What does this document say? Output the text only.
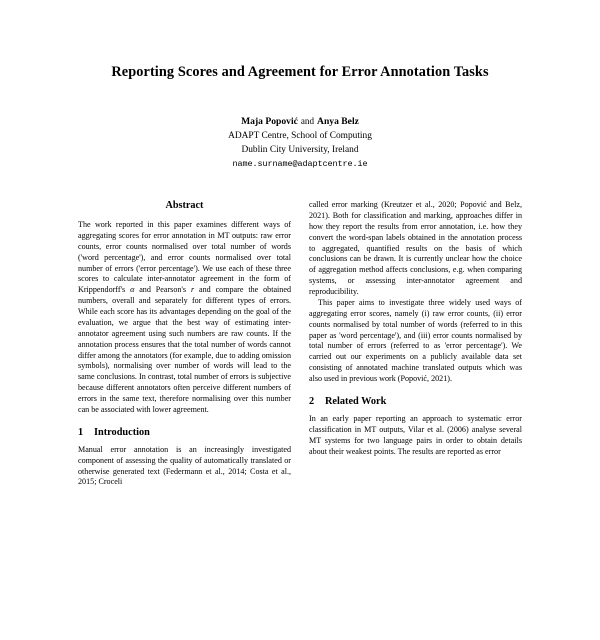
Reporting Scores and Agreement for Error Annotation Tasks
Maja Popović and Anya Belz
ADAPT Centre, School of Computing
Dublin City University, Ireland
name.surname@adaptcentre.ie
Abstract

The work reported in this paper examines different ways of aggregating scores for error annotation in MT outputs: raw error counts, error counts normalised over total number of words ('word percentage'), and error counts normalised over total number of errors ('error percentage'). We use each of these three scores to calculate inter-annotator agreement in the form of Krippendorff's α and Pearson's r and compare the obtained numbers, overall and separately for different types of errors. While each score has its advantages depending on the goal of the evaluation, we argue that the best way of estimating inter-annotator agreement using such numbers are raw counts. If the annotation process ensures that the total number of words cannot differ among the annotators (for example, due to adding omission symbols), normalising over number of words will lead to the same conclusions. In contrast, total number of errors is subjective because different annotators often perceive different numbers of errors in the same text, therefore normalising over this number can be associated with lower agreement.

1	Introduction

Manual error annotation is an increasingly investigated component of assessing the quality of automatically translated or otherwise generated text (Federmann et al., 2014; Costa et al., 2015; Croceli

called error marking (Kreutzer et al., 2020; Popović and Belz, 2021). Both for classification and marking, approaches differ in how they report the results from error annotation, i.e. how they convert the word-span labels obtained in the annotation process to aggregated, quantified results on the basis of which conclusions can be drawn. It is currently unclear how the choice of aggregation method affects conclusions, e.g. when comparing systems, or assessing inter-annotator agreement and reproducibility.

This paper aims to investigate three widely used ways of aggregating error scores, namely (i) raw error counts, (ii) error counts normalised by total number of words (referred to in this paper as 'word percentage'), and (iii) error counts normalised by total number of errors (referred to as 'error percentage'). We carried out our experiments on a publicly available data set consisting of annotated machine translated outputs which was also used in previous work (Popović, 2021).

2	Related Work

In an early paper reporting an approach to systematic error classification in MT outputs, Vilar et al. (2006) analyse several MT systems for two language pairs in order to obtain details about their weakest points. The results are reported as error
